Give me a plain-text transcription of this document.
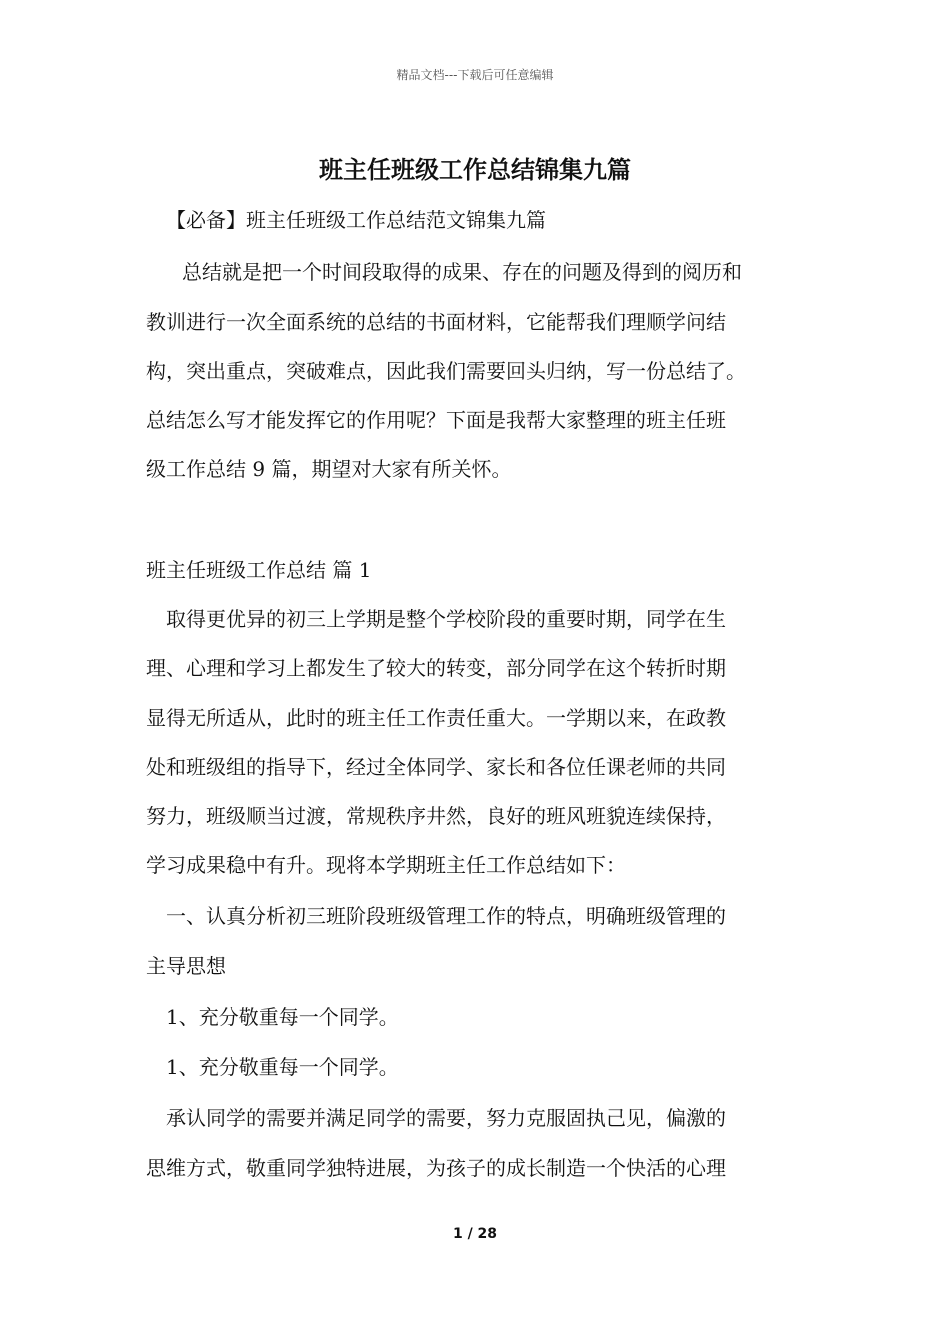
精品文档---下载后可任意编辑
班主任班级工作总结锦集九篇
【必备】班主任班级工作总结范文锦集九篇
总结就是把一个时间段取得的成果、存在的问题及得到的阅历和
教训进行一次全面系统的总结的书面材料，它能帮我们理顺学问结
构，突出重点，突破难点，因此我们需要回头归纳，写一份总结了。
总结怎么写才能发挥它的作用呢？下面是我帮大家整理的班主任班
级工作总结 9 篇，期望对大家有所关怀。
班主任班级工作总结 篇 1
取得更优异的初三上学期是整个学校阶段的重要时期，同学在生
理、心理和学习上都发生了较大的转变，部分同学在这个转折时期
显得无所适从，此时的班主任工作责任重大。一学期以来，在政教
处和班级组的指导下，经过全体同学、家长和各位任课老师的共同
努力，班级顺当过渡，常规秩序井然，良好的班风班貌连续保持，
学习成果稳中有升。现将本学期班主任工作总结如下：
一、认真分析初三班阶段班级管理工作的特点，明确班级管理的
主导思想
1、充分敬重每一个同学。
1、充分敬重每一个同学。
承认同学的需要并满足同学的需要，努力克服固执己见，偏激的
思维方式，敬重同学独特进展，为孩子的成长制造一个快活的心理
1 / 28
